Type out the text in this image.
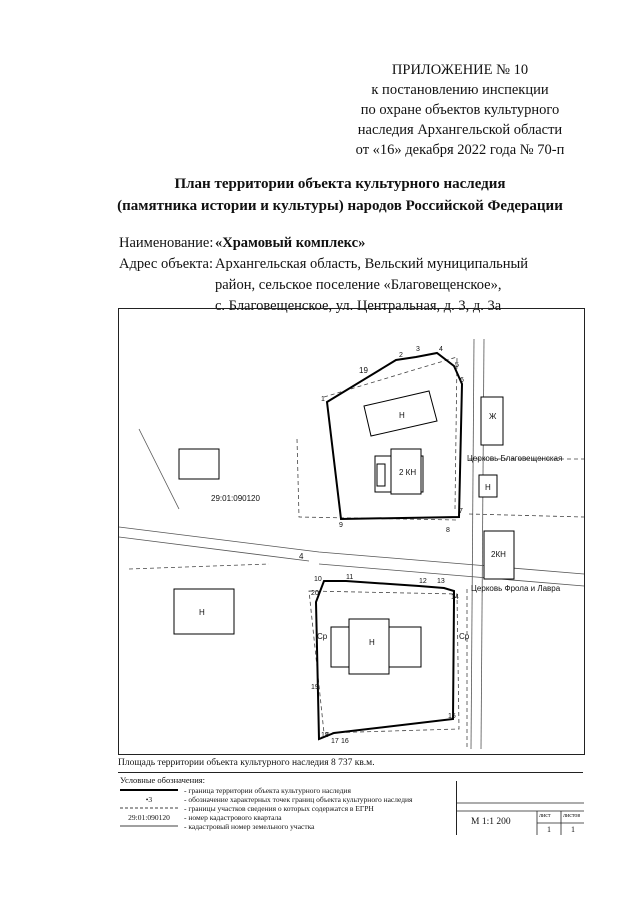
ПРИЛОЖЕНИЕ № 10
к постановлению инспекции
по охране объектов культурного
наследия Архангельской области
от «16» декабря 2022 года № 70-п
План территории объекта культурного наследия
(памятника истории и культуры) народов Российской Федерации
Наименование: «Храмовый комплекс»
Адрес объекта: Архангельская область, Вельский муниципальный
район, сельское поселение «Благовещенское»,
с. Благовещенское, ул. Центральная, д. 3, д. 3а
29:01:090120
Церковь Благовещенская
Церковь Фрола и Лавра
Н
2 КН
Ж
Н
2КН
Н
Н
4
19
Ср	Ср
1
2
3	4
5
6
7
8
9
10	11
12 13
14
15
16
17
18
19
20
Площадь территории объекта культурного наследия 8 737 кв.м.
Условные обозначения:
- граница территории объекта культурного наследия
•3	- обозначение характерных точек границ объекта культурного наследия
- границы участков сведения о которых содержатся в ЕГРН
29:01:090120 - номер кадастрового квартала
- кадастровый номер земельного участка	М 1:1 200
лист листов
1	1
